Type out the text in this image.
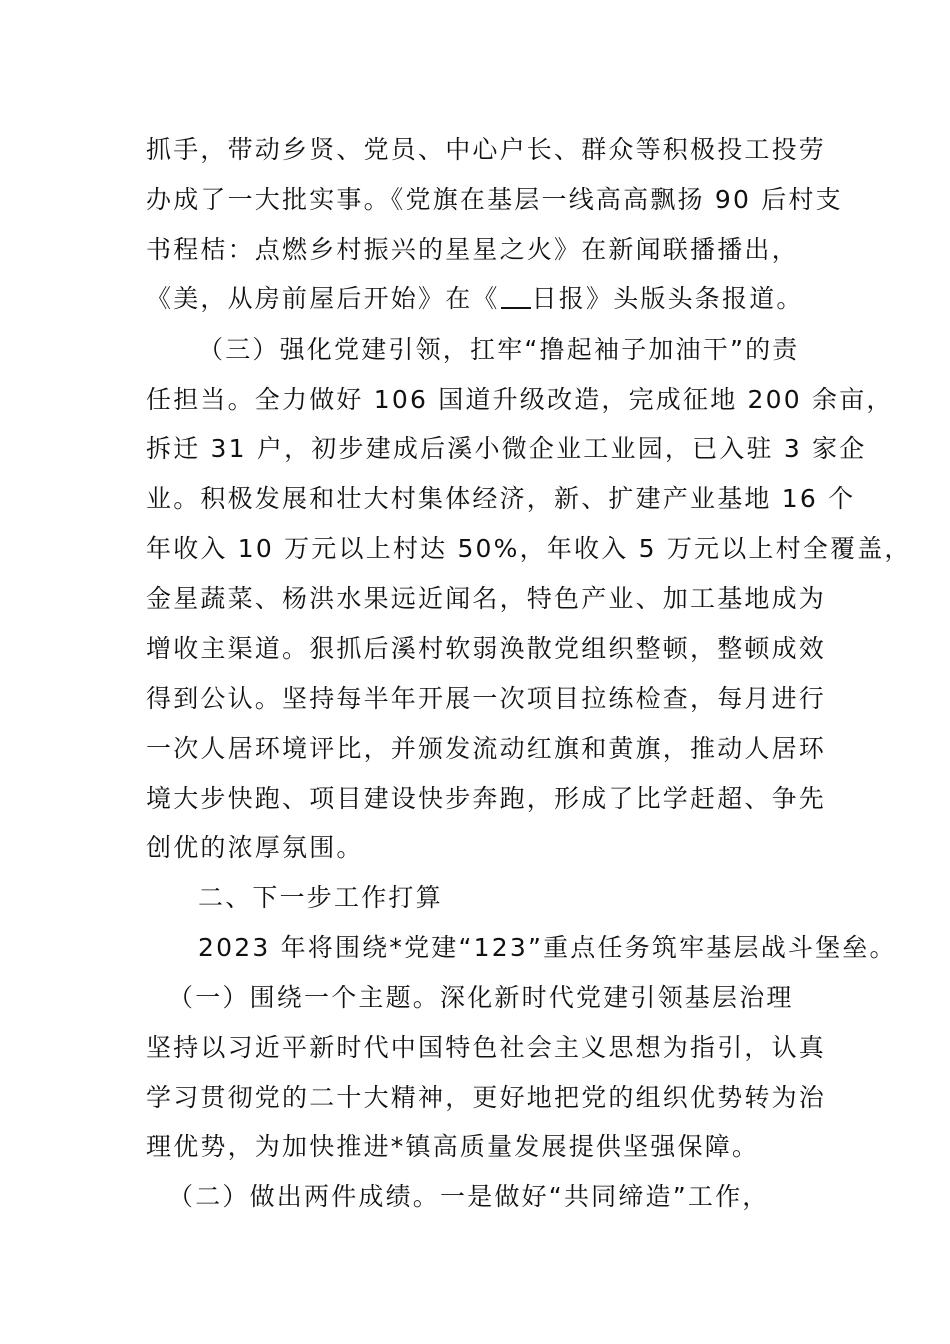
抓手，带动乡贤、党员、中心户长、群众等积极投工投劳
办成了一大批实事。《党旗在基层一线高高飘扬 90 后村支
书程桔：点燃乡村振兴的星星之火》在新闻联播播出，
《美，从房前屋后开始》在《 日报》头版头条报道。
（三）强化党建引领，扛牢“撸起袖子加油干”的责
任担当。全力做好 106 国道升级改造，完成征地 200 余亩，
拆迁 31 户，初步建成后溪小微企业工业园，已入驻 3 家企
业。积极发展和壮大村集体经济，新、扩建产业基地 16 个
年收入 10 万元以上村达 50%，年收入 5 万元以上村全覆盖，
金星蔬菜、杨洪水果远近闻名，特色产业、加工基地成为
增收主渠道。狠抓后溪村软弱涣散党组织整顿，整顿成效
得到公认。坚持每半年开展一次项目拉练检查，每月进行
一次人居环境评比，并颁发流动红旗和黄旗，推动人居环
境大步快跑、项目建设快步奔跑，形成了比学赶超、争先
创优的浓厚氛围。
二、下一步工作打算
2023 年将围绕*党建“123”重点任务筑牢基层战斗堡垒。
（一）围绕一个主题。深化新时代党建引领基层治理
坚持以习近平新时代中国特色社会主义思想为指引，认真
学习贯彻党的二十大精神，更好地把党的组织优势转为治
理优势，为加快推进*镇高质量发展提供坚强保障。
（二）做出两件成绩。一是做好“共同缔造”工作，
